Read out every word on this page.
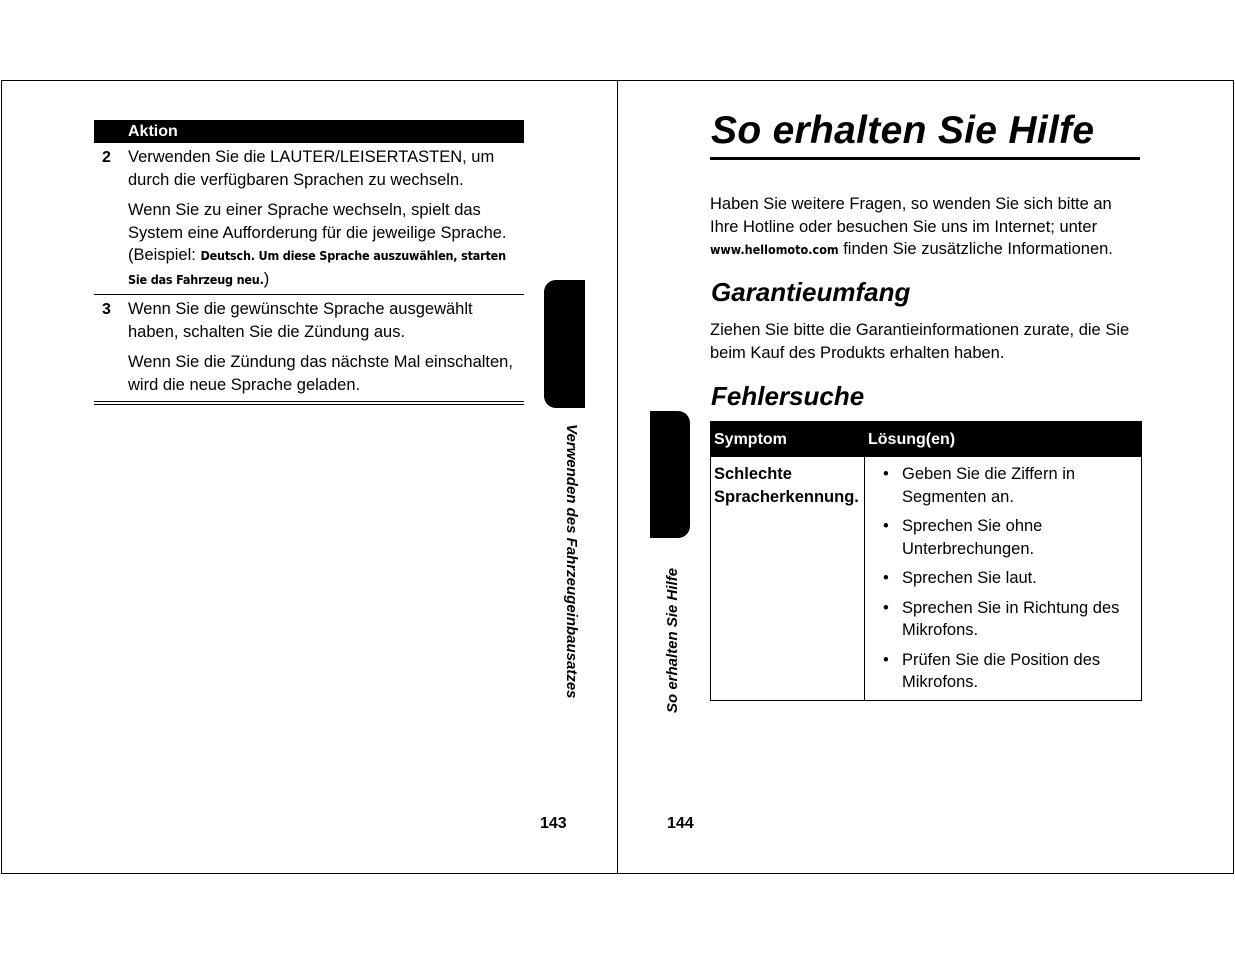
Aktion
2 Verwenden Sie die LAUTER/LEISERTASTEN, um durch die verfügbaren Sprachen zu wechseln.

Wenn Sie zu einer Sprache wechseln, spielt das System eine Aufforderung für die jeweilige Sprache. (Beispiel: Deutsch. Um diese Sprache auszuwählen, starten Sie das Fahrzeug neu.)

3 Wenn Sie die gewünschte Sprache ausgewählt haben, schalten Sie die Zündung aus.

Wenn Sie die Zündung das nächste Mal einschalten, wird die neue Sprache geladen.

Verwenden des Fahrzeugeinbausatzes
143
So erhalten Sie Hilfe

Haben Sie weitere Fragen, so wenden Sie sich bitte an Ihre Hotline oder besuchen Sie uns im Internet; unter www.hellomoto.com finden Sie zusätzliche Informationen.

Garantieumfang

Ziehen Sie bitte die Garantieinformationen zurate, die Sie beim Kauf des Produkts erhalten haben.

Fehlersuche
Symptom	Lösung(en)
Schlechte
Spracherkennung.
• Geben Sie die Ziffern in Segmenten an.
• Sprechen Sie ohne Unterbrechungen.
• Sprechen Sie laut.
• Sprechen Sie in Richtung des Mikrofons.
• Prüfen Sie die Position des Mikrofons.
So erhalten Sie Hilfe
144
